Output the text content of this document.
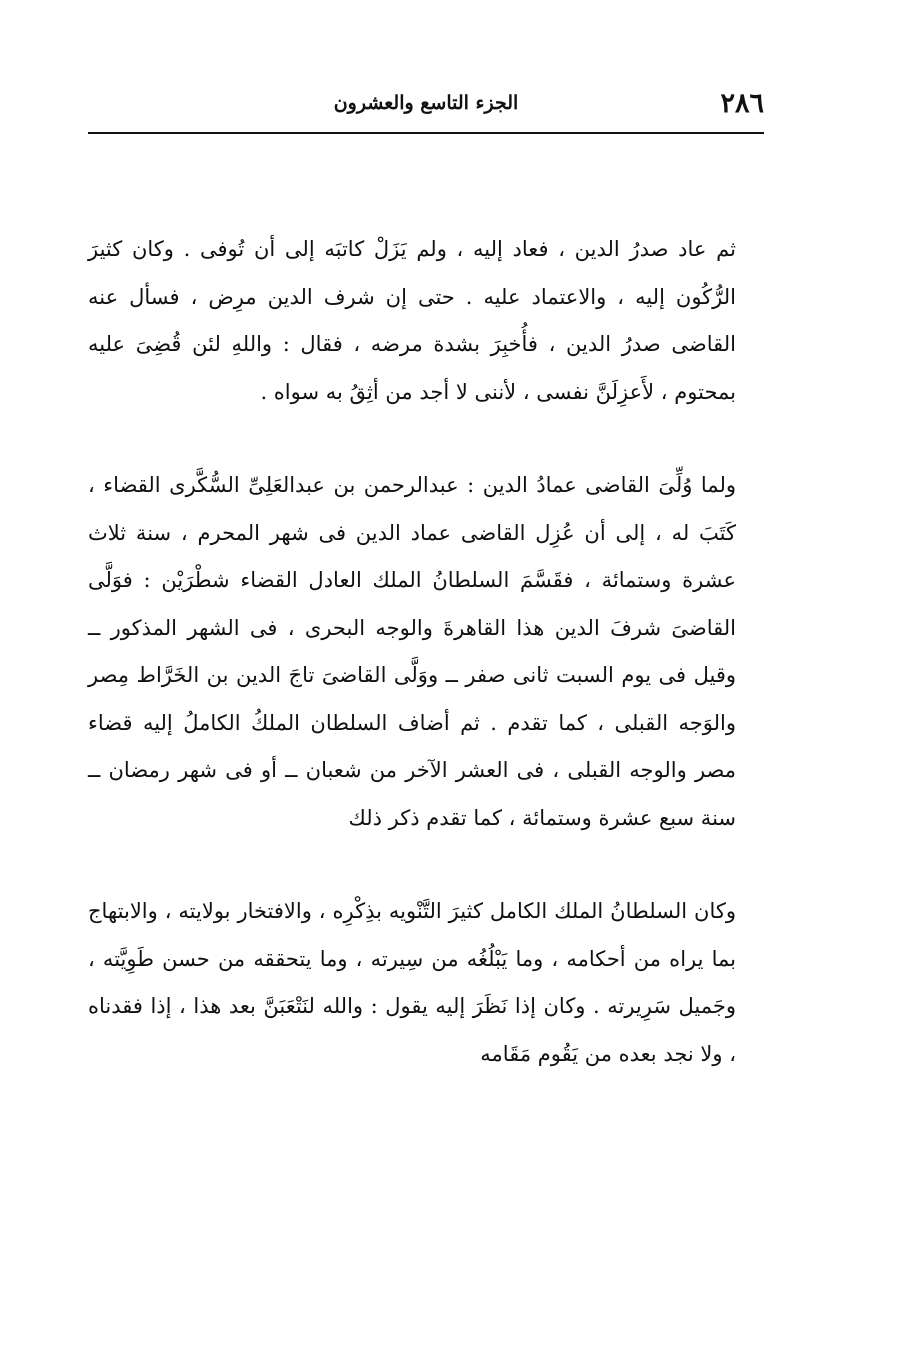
٢٨٦
الجزء التاسع والعشرون

ثم عاد صدرُ الدين ، فعاد إليه ، ولم يَزَلْ كاتبَه إلى أن تُوفى . وكان كثيرَ الرُّكُون إليه ، والاعتماد عليه . حتى إن شرف الدين مرِض ، فسأل عنه القاضى صدرُ الدين ، فأُخبِرَ بشدة مرضه ، فقال : واللهِ لئن قُضِىَ عليه بمحتوم ، لأَعزِلَنَّ نفسى ، لأننى لا أجد من أثِقُ به سواه .

ولما وُلِّىَ القاضى عمادُ الدين : عبدالرحمن بن عبدالعَلِىِّ السُّكَّرى القضاء ، كَتَبَ له ، إلى أن عُزِل القاضى عماد الدين فى شهر المحرم ، سنة ثلاث عشرة وستمائة ، فقَسَّمَ السلطانُ الملك العادل القضاء شطْرَيْن : فوَلَّى القاضىَ شرفَ الدين هذا القاهرةَ والوجه البحرى ، فى الشهر المذكور ــ وقيل فى يوم السبت ثانى صفر ــ ووَلَّى القاضىَ تاجَ الدين بن الخَرَّاط مِصر والوَجه القبلى ، كما تقدم . ثم أضاف السلطان الملكُ الكاملُ إليه قضاء مصر والوجه القبلى ، فى العشر الآخر من شعبان ــ أو فى شهر رمضان ــ سنة سبع عشرة وستمائة ، كما تقدم ذكر ذلك

وكان السلطانُ الملك الكامل كثيرَ التَّنْويه بذِكْرِه ، والافتخار بولايته ، والابتهاج بما يراه من أحكامه ، وما يَبْلُغُه من سِيرته ، وما يتحققه من حسن طَوِيَّته ، وجَميل سَرِيرته . وكان إذا نَظَرَ إليه يقول : والله لنَتْعَبَنَّ بعد هذا ، إذا فقدناه ، ولا نجد بعده من يَقُوم مَقَامه
